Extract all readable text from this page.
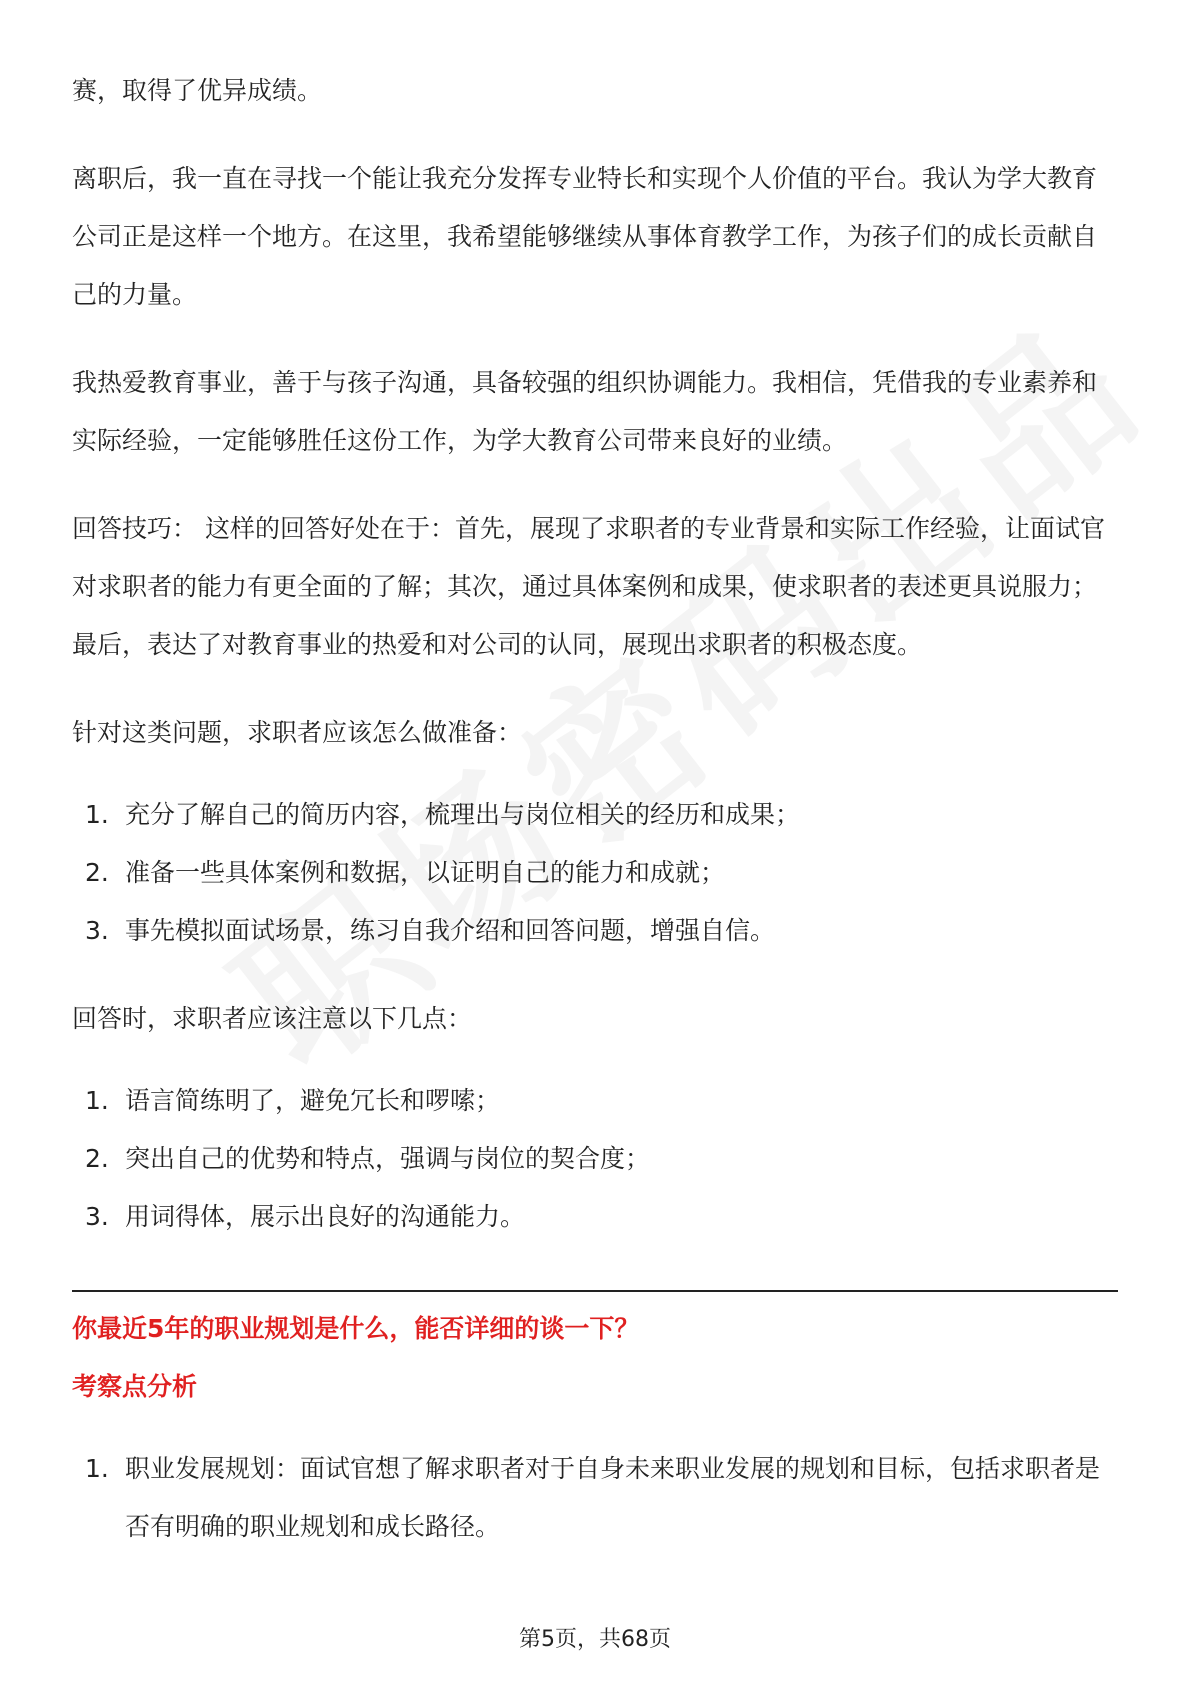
赛，取得了优异成绩。

离职后，我一直在寻找一个能让我充分发挥专业特长和实现个人价值的平台。我认为学大教育公司正是这样一个地方。在这里，我希望能够继续从事体育教学工作，为孩子们的成长贡献自己的力量。

我热爱教育事业，善于与孩子沟通，具备较强的组织协调能力。我相信，凭借我的专业素养和实际经验，一定能够胜任这份工作，为学大教育公司带来良好的业绩。

回答技巧： 这样的回答好处在于：首先，展现了求职者的专业背景和实际工作经验，让面试官对求职者的能力有更全面的了解；其次，通过具体案例和成果，使求职者的表述更具说服力；最后，表达了对教育事业的热爱和对公司的认同，展现出求职者的积极态度。

针对这类问题，求职者应该怎么做准备：

1. 充分了解自己的简历内容，梳理出与岗位相关的经历和成果；
2. 准备一些具体案例和数据，以证明自己的能力和成就；
3. 事先模拟面试场景，练习自我介绍和回答问题，增强自信。

回答时，求职者应该注意以下几点：

1. 语言简练明了，避免冗长和啰嗦；
2. 突出自己的优势和特点，强调与岗位的契合度；
3. 用词得体，展示出良好的沟通能力。

你最近5年的职业规划是什么，能否详细的谈一下？

考察点分析

1. 职业发展规划：面试官想了解求职者对于自身未来职业发展的规划和目标，包括求职者是否有明确的职业规划和成长路径。
第5页，共68页
